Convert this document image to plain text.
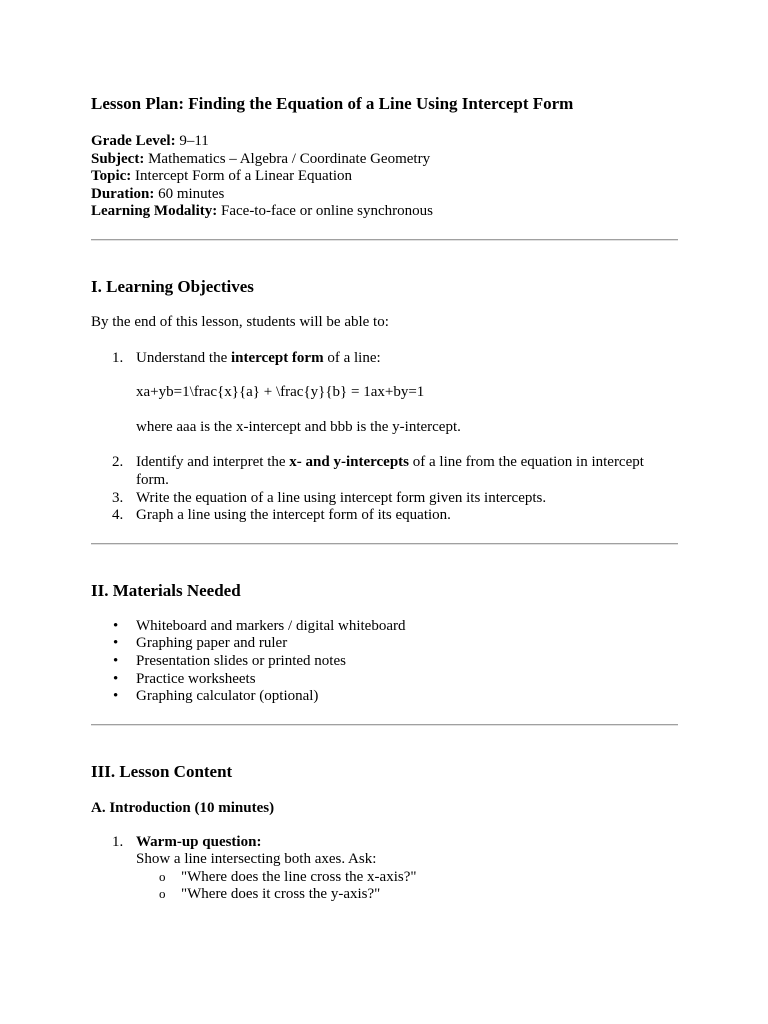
Lesson Plan: Finding the Equation of a Line Using Intercept Form

Grade Level: 9–11

Subject: Mathematics – Algebra / Coordinate Geometry

Topic: Intercept Form of a Linear Equation

Duration: 60 minutes

Learning Modality: Face-to-face or online synchronous

I. Learning Objectives

By the end of this lesson, students will be able to:

1. Understand the intercept form of a line:

xa+yb=1\frac{x}{a} + \frac{y}{b} = 1ax+by=1

where aaa is the x-intercept and bbb is the y-intercept.

2. Identify and interpret the x- and y-intercepts of a line from the equation in intercept form.
3. Write the equation of a line using intercept form given its intercepts.
4. Graph a line using the intercept form of its equation.
II. Materials Needed
• Whiteboard and markers / digital whiteboard
• Graphing paper and ruler
• Presentation slides or printed notes
• Practice worksheets
• Graphing calculator (optional)
III. Lesson Content
A. Introduction (10 minutes)
1. Warm-up question:
Show a line intersecting both axes. Ask:
o "Where does the line cross the x-axis?"
o "Where does it cross the y-axis?"
